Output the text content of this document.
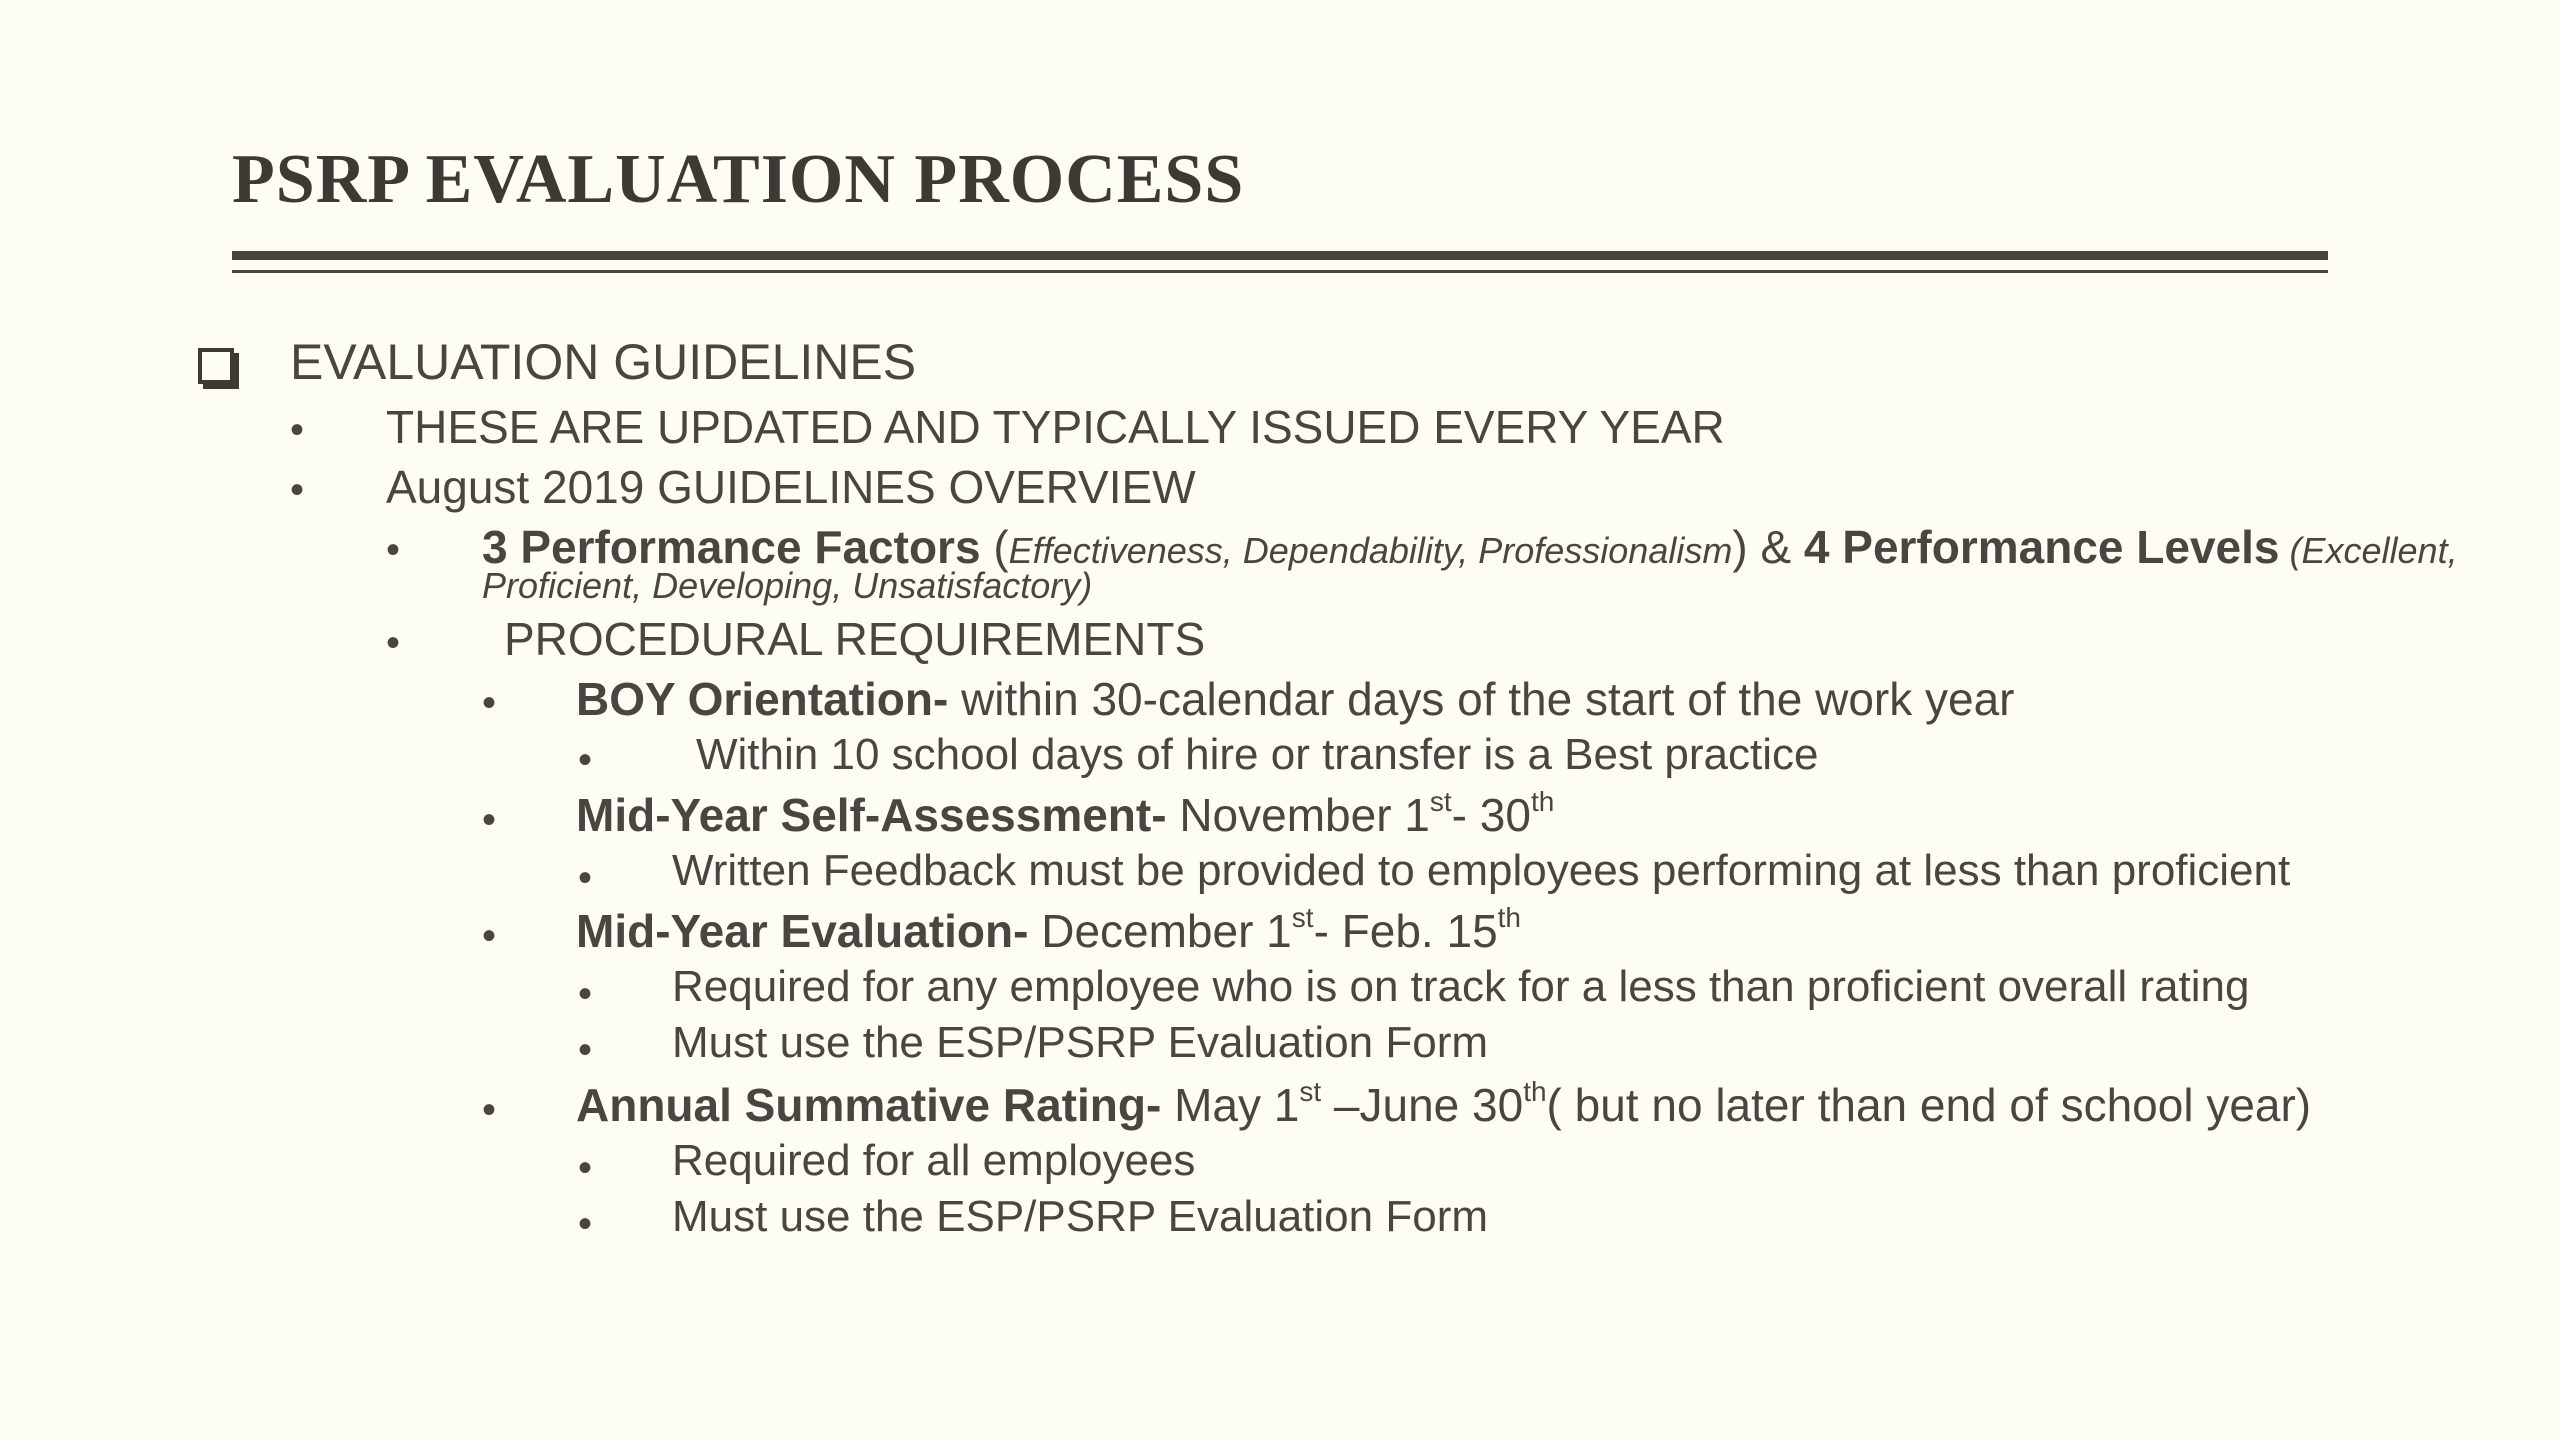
PSRP EVALUATION PROCESS
EVALUATION GUIDELINES
• THESE ARE UPDATED AND TYPICALLY ISSUED EVERY YEAR
• August 2019 GUIDELINES OVERVIEW
• 3 Performance Factors (Effectiveness, Dependability, Professionalism) & 4 Performance Levels (Excellent,
Proficient, Developing, Unsatisfactory)
• PROCEDURAL REQUIREMENTS
• BOY Orientation- within 30-calendar days of the start of the work year
• Within 10 school days of hire or transfer is a Best practice
• Mid-Year Self-Assessment- November 1st- 30th
• Written Feedback must be provided to employees performing at less than proficient
• Mid-Year Evaluation- December 1st- Feb. 15th
• Required for any employee who is on track for a less than proficient overall rating
• Must use the ESP/PSRP Evaluation Form
• Annual Summative Rating- May 1st –June 30th( but no later than end of school year)
• Required for all employees
• Must use the ESP/PSRP Evaluation Form
